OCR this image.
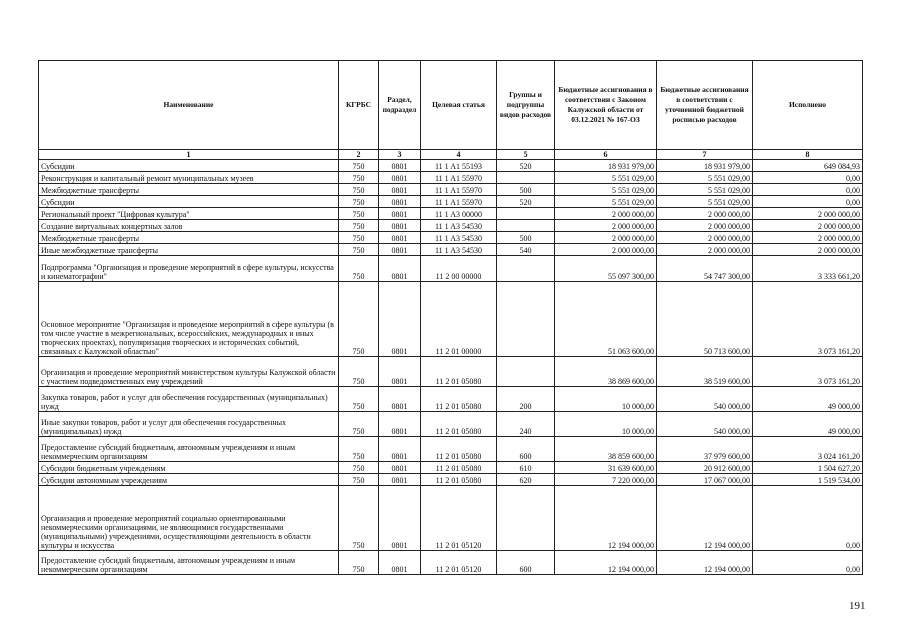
Наименование	КГРБС	Раздел, подраздел	Целевая статья	Группы и подгруппы видов расходов	Бюджетные ассигнования в соответствии с Законом Калужской области от 03.12.2021 № 167-ОЗ	Бюджетные ассигнования в соответствии с уточненной бюджетной росписью расходов	Исполнено
1	2	3	4	5	6	7	8
Субсидии	750	0801	11 1 A1 55193	520	18 931 979,00	18 931 979,00	649 084,93
Реконструкция и капитальный ремонт муниципальных музеев	750	0801	11 1 A1 55970		5 551 029,00	5 551 029,00	0,00
Межбюджетные трансферты	750	0801	11 1 A1 55970	500	5 551 029,00	5 551 029,00	0,00
Субсидии	750	0801	11 1 A1 55970	520	5 551 029,00	5 551 029,00	0,00
Региональный проект "Цифровая культура"	750	0801	11 1 A3 00000		2 000 000,00	2 000 000,00	2 000 000,00
Создание виртуальных концертных залов	750	0801	11 1 A3 54530		2 000 000,00	2 000 000,00	2 000 000,00
Межбюджетные трансферты	750	0801	11 1 A3 54530	500	2 000 000,00	2 000 000,00	2 000 000,00
Иные межбюджетные трансферты	750	0801	11 1 A3 54530	540	2 000 000,00	2 000 000,00	2 000 000,00
Подпрограмма "Организация и проведение мероприятий в сфере культуры, искусства и кинематографии"	750	0801	11 2 00 00000		55 097 300,00	54 747 300,00	3 333 661,20
Основное мероприятие "Организация и проведение мероприятий в сфере культуры (в том числе участие в межрегиональных, всероссийских, международных и иных творческих проектах), популяризация творческих и исторических событий, связанных с Калужской областью"	750	0801	11 2 01 00000		51 063 600,00	50 713 600,00	3 073 161,20
Организация и проведение мероприятий министерством культуры Калужской области с участием подведомственных ему учреждений	750	0801	11 2 01 05080		38 869 600,00	38 519 600,00	3 073 161,20
Закупка товаров, работ и услуг для обеспечения государственных (муниципальных) нужд	750	0801	11 2 01 05080	200	10 000,00	540 000,00	49 000,00
Иные закупки товаров, работ и услуг для обеспечения государственных (муниципальных) нужд	750	0801	11 2 01 05080	240	10 000,00	540 000,00	49 000,00
Предоставление субсидий бюджетным, автономным учреждениям и иным некоммерческим организациям	750	0801	11 2 01 05080	600	38 859 600,00	37 979 600,00	3 024 161,20
Субсидии бюджетным учреждениям	750	0801	11 2 01 05080	610	31 639 600,00	20 912 600,00	1 504 627,20
Субсидии автономным учреждениям	750	0801	11 2 01 05080	620	7 220 000,00	17 067 000,00	1 519 534,00
Организация и проведение мероприятий социально ориентированными некоммерческими организациями, не являющимися государственными (муниципальными) учреждениями, осуществляющими деятельность в области культуры и искусства	750	0801	11 2 01 05120		12 194 000,00	12 194 000,00	0,00
Предоставление субсидий бюджетным, автономным учреждениям и иным некоммерческим организациям	750	0801	11 2 01 05120	600	12 194 000,00	12 194 000,00	0,00
191
